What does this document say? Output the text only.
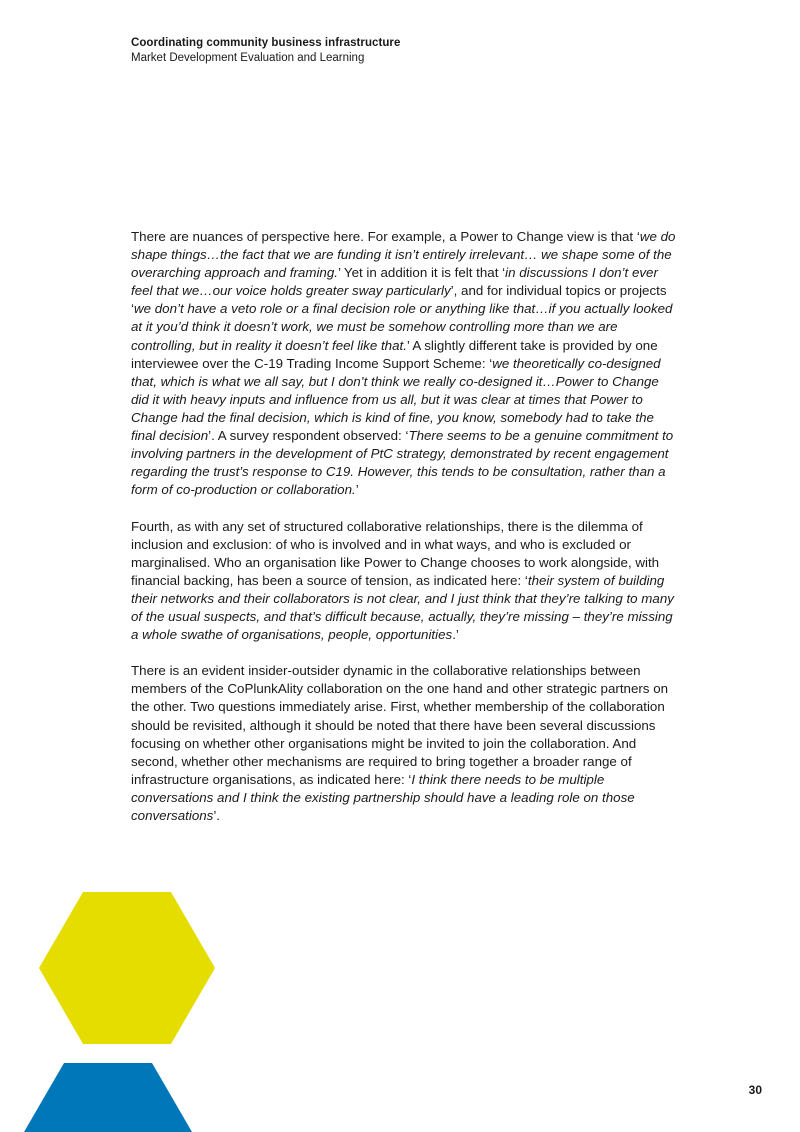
Coordinating community business infrastructure
Market Development Evaluation and Learning

There are nuances of perspective here. For example, a Power to Change view is that ‘we do shape things…the fact that we are funding it isn’t entirely irrelevant… we shape some of the overarching approach and framing.’ Yet in addition it is felt that ‘in discussions I don’t ever feel that we…our voice holds greater sway particularly’, and for individual topics or projects ‘we don’t have a veto role or a final decision role or anything like that…if you actually looked at it you’d think it doesn’t work, we must be somehow controlling more than we are controlling, but in reality it doesn’t feel like that.’ A slightly different take is provided by one interviewee over the C-19 Trading Income Support Scheme: ‘we theoretically co-designed that, which is what we all say, but I don’t think we really co-designed it…Power to Change did it with heavy inputs and influence from us all, but it was clear at times that Power to Change had the final decision, which is kind of fine, you know, somebody had to take the final decision’. A survey respondent observed: ‘There seems to be a genuine commitment to involving partners in the development of PtC strategy, demonstrated by recent engagement regarding the trust’s response to C19. However, this tends to be consultation, rather than a form of co-production or collaboration.’

Fourth, as with any set of structured collaborative relationships, there is the dilemma of inclusion and exclusion: of who is involved and in what ways, and who is excluded or marginalised. Who an organisation like Power to Change chooses to work alongside, with financial backing, has been a source of tension, as indicated here: ‘their system of building their networks and their collaborators is not clear, and I just think that they’re talking to many of the usual suspects, and that’s difficult because, actually, they’re missing – they’re missing a whole swathe of organisations, people, opportunities.’

There is an evident insider-outsider dynamic in the collaborative relationships between members of the CoPlunkAlity collaboration on the one hand and other strategic partners on the other. Two questions immediately arise. First, whether membership of the collaboration should be revisited, although it should be noted that there have been several discussions focusing on whether other organisations might be invited to join the collaboration. And second, whether other mechanisms are required to bring together a broader range of infrastructure organisations, as indicated here: ‘I think there needs to be multiple conversations and I think the existing partnership should have a leading role on those conversations’.

30
